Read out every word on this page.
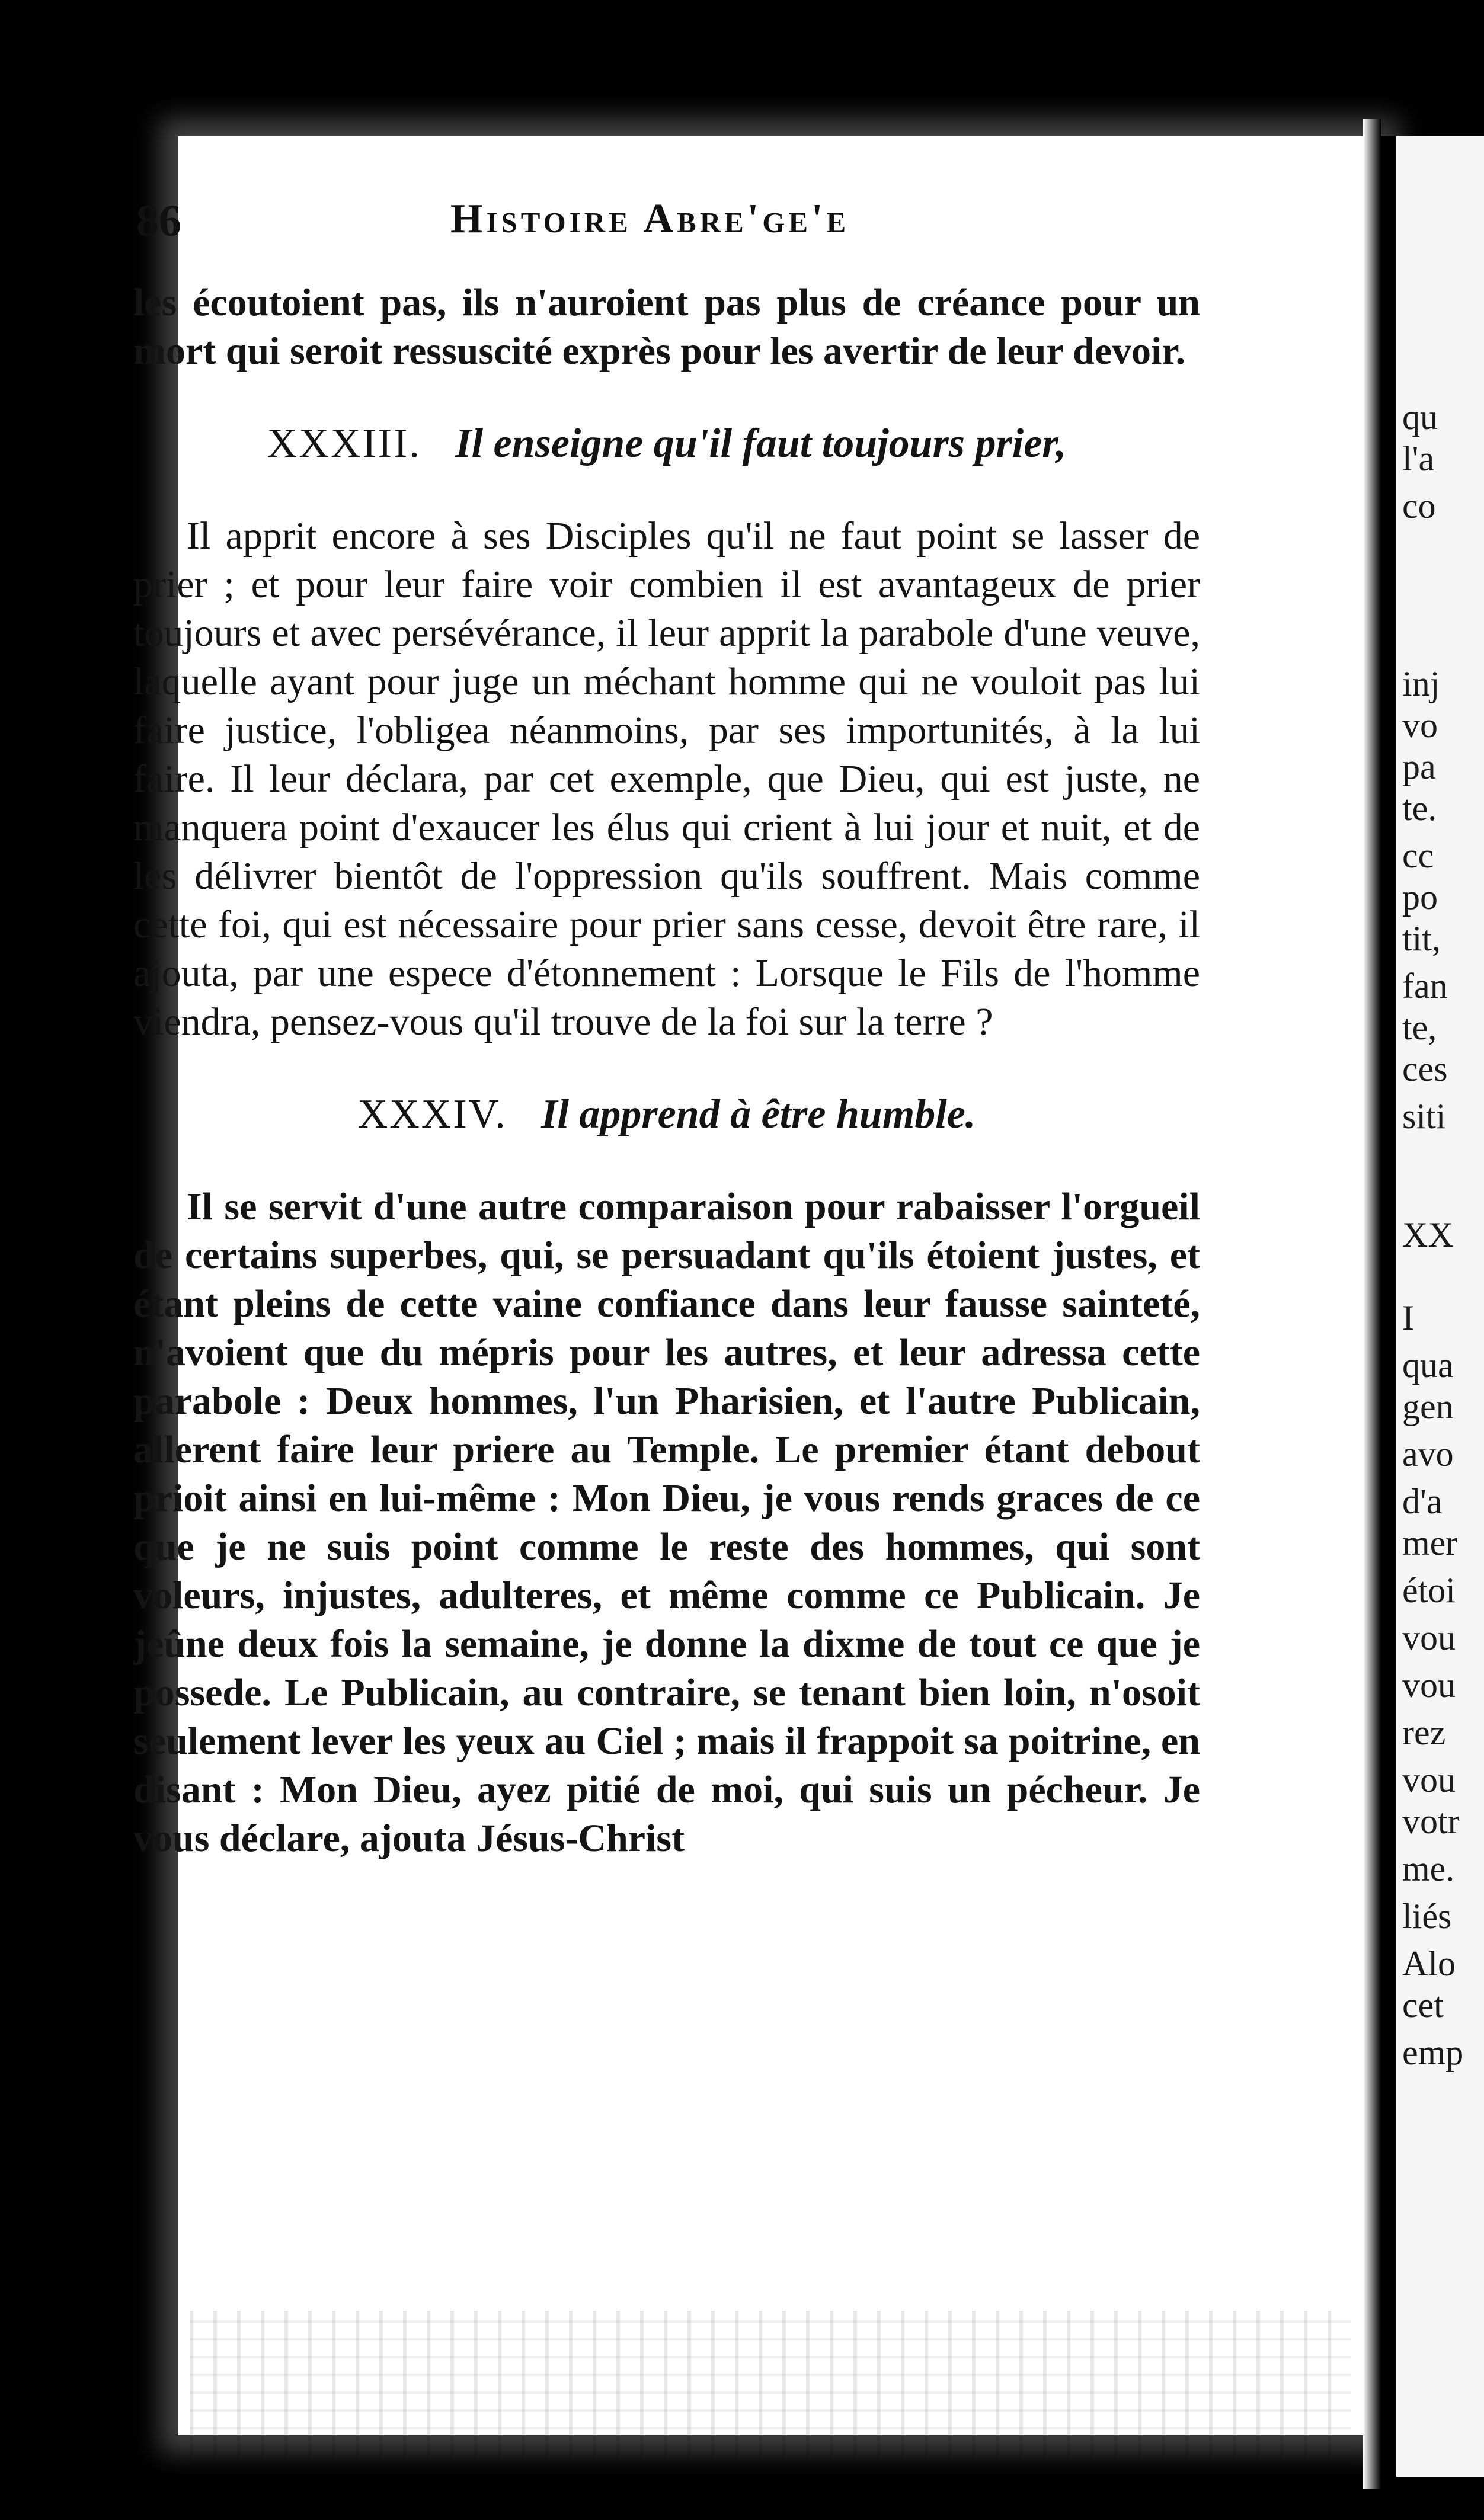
86	Histoire Abre'ge'e

les écoutoient pas, ils n'auroient pas plus de créance pour un mort qui seroit ressuscité exprès pour les avertir de leur devoir.

XXXIII. Il enseigne qu'il faut toujours prier,

Il apprit encore à ses Disciples qu'il ne faut point se lasser de prier ; et pour leur faire voir combien il est avantageux de prier toujours et avec persévérance, il leur apprit la parabole d'une veuve, laquelle ayant pour juge un méchant homme qui ne vouloit pas lui faire justice, l'obligea néanmoins, par ses importunités, à la lui faire. Il leur déclara, par cet exemple, que Dieu, qui est juste, ne manquera point d'exaucer les élus qui crient à lui jour et nuit, et de les délivrer bientôt de l'oppression qu'ils souffrent. Mais comme cette foi, qui est nécessaire pour prier sans cesse, devoit être rare, il ajouta, par une espece d'étonnement : Lorsque le Fils de l'homme viendra, pensez-vous qu'il trouve de la foi sur la terre ?

XXXIV. Il apprend à être humble.

Il se servit d'une autre comparaison pour rabaisser l'orgueil de certains superbes, qui, se persuadant qu'ils étoient justes, et étant pleins de cette vaine confiance dans leur fausse sainteté, n'avoient que du mépris pour les autres, et leur adressa cette parabole : Deux hommes, l'un Pharisien, et l'autre Publicain, allerent faire leur priere au Temple. Le premier étant debout prioit ainsi en lui-même : Mon Dieu, je vous rends graces de ce que je ne suis point comme le reste des hommes, qui sont voleurs, injustes, adulteres, et même comme ce Publicain. Je jeûne deux fois la semaine, je donne la dixme de tout ce que je possede. Le Publicain, au contraire, se tenant bien loin, n'osoit seulement lever les yeux au Ciel ; mais il frappoit sa poitrine, en disant : Mon Dieu, ayez pitié de moi, qui suis un pécheur. Je vous déclare, ajouta Jésus-Christ

qu
l'a
co
inj
vo
pa
te.
cc
po
tit,
fan
te,
ces
siti
XX
I
qua
gen
avo
d'a
mer
étoi
vou
vou
rez
vou
votr
me.
liés
Alo
cet
emp
